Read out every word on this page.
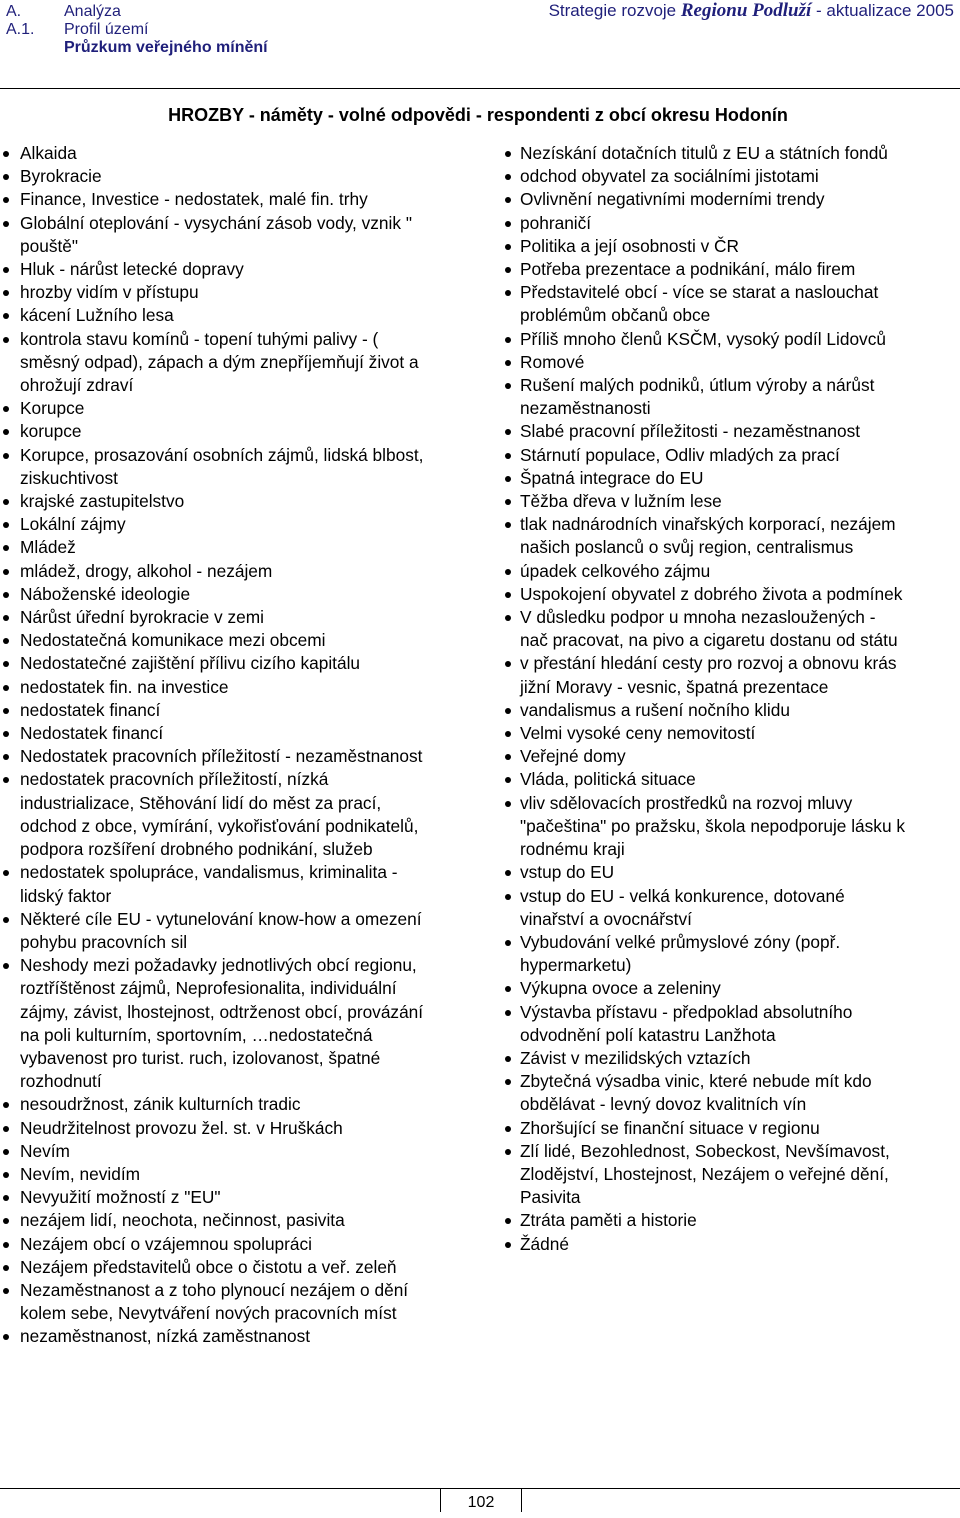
A.
A.1.
Analýza
Profil území
Průzkum veřejného mínění
Strategie rozvoje Regionu Podluží - aktualizace 2005
HROZBY - náměty - volné odpovědi - respondenti z obcí okresu Hodonín
Alkaida
Byrokracie
Finance, Investice - nedostatek, malé fin. trhy
Globální oteplování - vysychání zásob vody, vznik " pouště"
Hluk - nárůst letecké dopravy
hrozby vidím v přístupu
kácení Lužního lesa
kontrola stavu komínů - topení tuhými palivy - ( směsný odpad), zápach a dým znepříjemňují život a ohrožují zdraví
Korupce
korupce
Korupce, prosazování osobních zájmů, lidská blbost, ziskuchtivost
krajské zastupitelstvo
Lokální zájmy
Mládež
mládež, drogy, alkohol - nezájem
Náboženské ideologie
Nárůst úřední byrokracie v zemi
Nedostatečná komunikace mezi obcemi
Nedostatečné zajištění přílivu cizího kapitálu
nedostatek fin. na investice
nedostatek financí
Nedostatek financí
Nedostatek pracovních příležitostí - nezaměstnanost
nedostatek pracovních příležitostí, nízká industrializace, Stěhování lidí do měst za prací, odchod z obce, vymírání, vykořisťování podnikatelů, podpora rozšíření drobného podnikání, služeb
nedostatek spolupráce, vandalismus, kriminalita - lidský faktor
Některé cíle EU - vytunelování know-how a omezení pohybu pracovních sil
Neshody mezi požadavky jednotlivých obcí regionu, roztříštěnost zájmů, Neprofesionalita, individuální zájmy, závist, lhostejnost, odtrženost obcí, provázání na poli kulturním, sportovním, …nedostatečná vybavenost pro turist. ruch, izolovanost, špatné rozhodnutí
nesoudržnost, zánik kulturních tradic
Neudržitelnost provozu žel. st. v Hruškách
Nevím
Nevím, nevidím
Nevyužití možností z "EU"
nezájem lidí, neochota, nečinnost, pasivita
Nezájem obcí o vzájemnou spolupráci
Nezájem představitelů obce o čistotu a veř. zeleň
Nezaměstnanost a z toho plynoucí nezájem o dění kolem sebe, Nevytváření nových pracovních míst
nezaměstnanost, nízká zaměstnanost
Nezískání dotačních titulů z EU a státních fondů
odchod obyvatel za sociálními jistotami
Ovlivnění negativními moderními trendy
pohraničí
Politika a její osobnosti v ČR
Potřeba prezentace a podnikání, málo firem
Představitelé obcí - více se starat a naslouchat problémům občanů obce
Příliš mnoho členů KSČM, vysoký podíl Lidovců
Romové
Rušení malých podniků, útlum výroby a nárůst nezaměstnanosti
Slabé pracovní příležitosti - nezaměstnanost
Stárnutí populace, Odliv mladých za prací
Špatná integrace do EU
Těžba dřeva v lužním lese
tlak nadnárodních vinařských korporací, nezájem našich poslanců o svůj region, centralismus
úpadek celkového zájmu
Uspokojení obyvatel z dobrého života a podmínek
V důsledku podpor u mnoha nezasloužených - nač pracovat, na pivo a cigaretu dostanu od státu
v přestání hledání cesty pro rozvoj a obnovu krás jižní Moravy - vesnic, špatná prezentace
vandalismus a rušení nočního klidu
Velmi vysoké ceny nemovitostí
Veřejné domy
Vláda, politická situace
vliv sdělovacích prostředků na rozvoj mluvy "pačeština" po pražsku, škola nepodporuje lásku k rodnému kraji
vstup do EU
vstup do EU - velká konkurence, dotované vinařství a ovocnářství
Vybudování velké průmyslové zóny (popř. hypermarketu)
Výkupna ovoce a zeleniny
Výstavba přístavu - předpoklad absolutního odvodnění polí katastru Lanžhota
Závist v mezilidských vztazích
Zbytečná výsadba vinic, které nebude mít kdo obdělávat - levný dovoz kvalitních vín
Zhoršující se finanční situace v regionu
Zlí lidé, Bezohlednost, Sobeckost, Nevšímavost, Zlodějství, Lhostejnost, Nezájem o veřejné dění, Pasivita
Ztráta paměti a historie
Žádné
102
